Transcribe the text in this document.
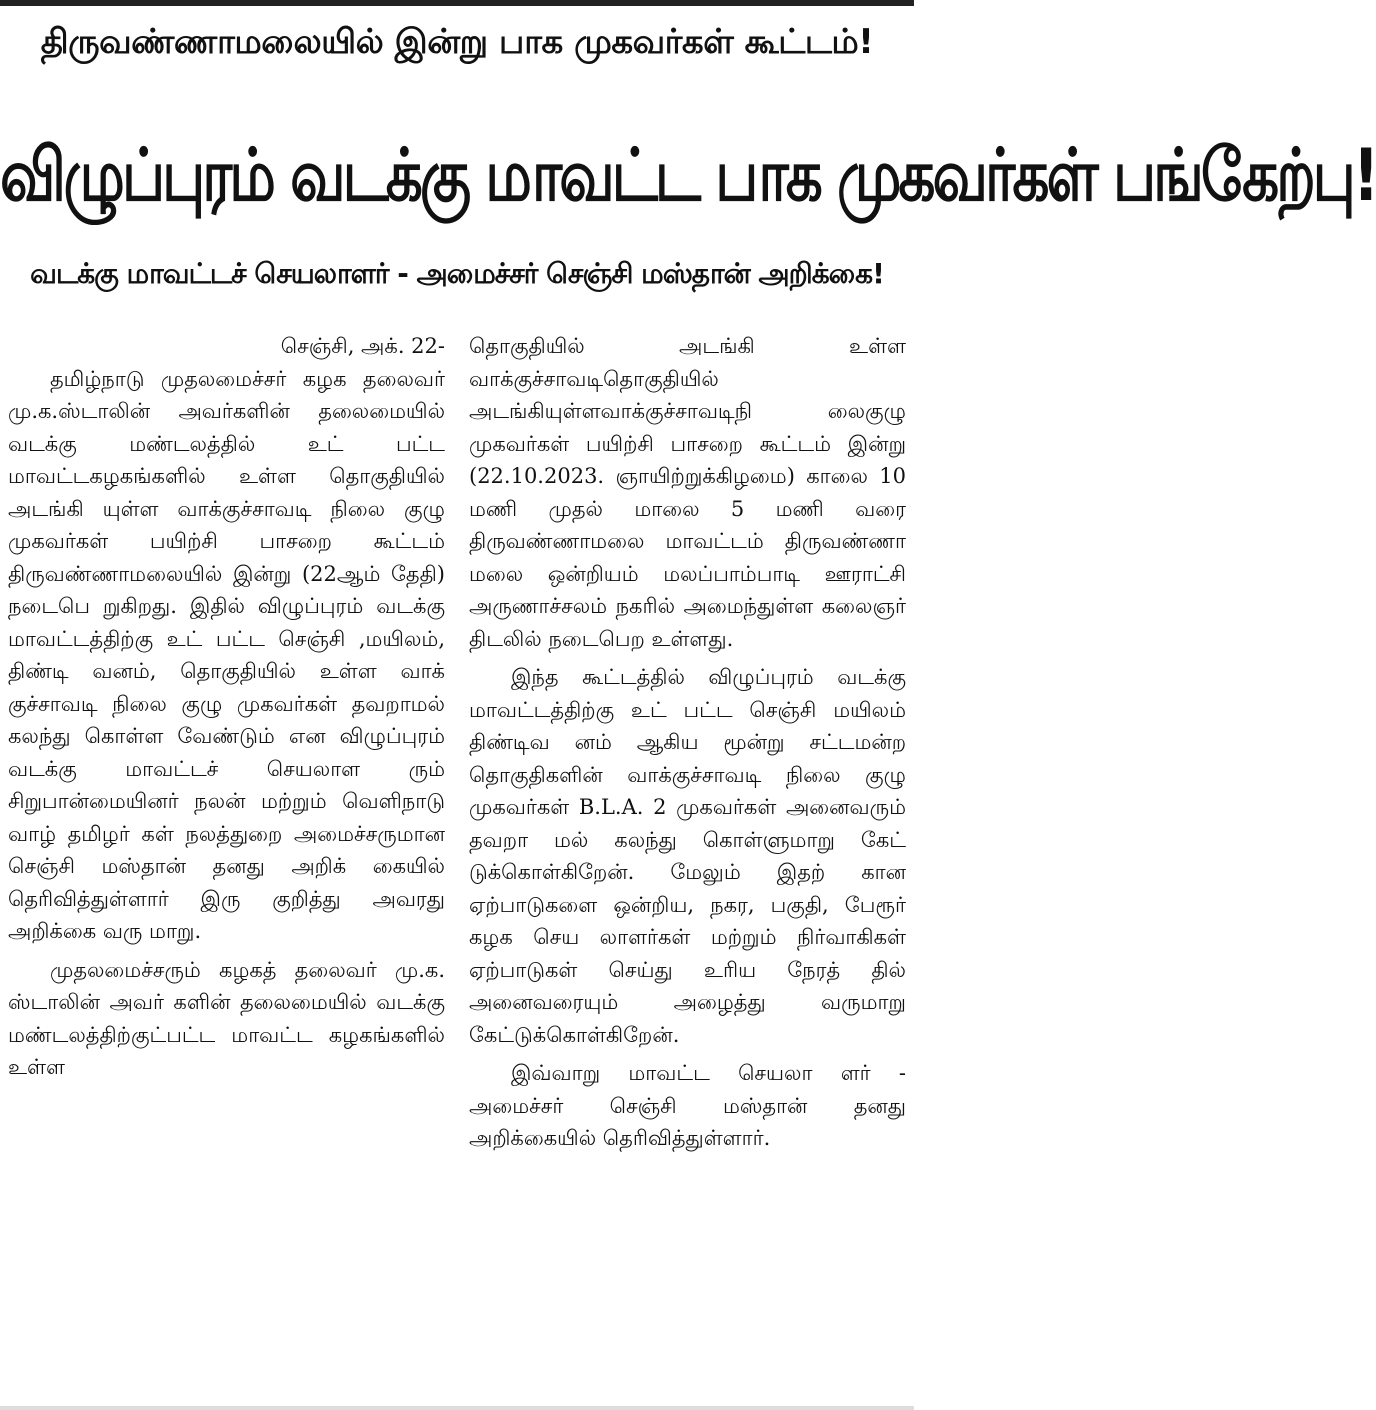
திருவண்ணாமலையில் இன்று பாக முகவர்கள் கூட்டம்!
விழுப்புரம் வடக்கு மாவட்ட பாக முகவர்கள் பங்கேற்பு!
வடக்கு மாவட்டச் செயலாளர் - அமைச்சர் செஞ்சி மஸ்தான் அறிக்கை!

செஞ்சி, அக். 22-

தமிழ்நாடு முதலமைச்சர் கழக தலைவர் மு.க.ஸ்டாலின் அவர்களின் தலைமையில் வடக்கு மண்டலத்தில் உட் பட்ட மாவட்டகழகங்களில் உள்ள தொகுதியில் அடங்கி யுள்ள வாக்குச்சாவடி நிலை குழு முகவர்கள் பயிற்சி பாசறை கூட்டம் திருவண்ணாமலையில் இன்று (22ஆம் தேதி) நடைபெ றுகிறது. இதில் விழுப்புரம் வடக்கு மாவட்டத்திற்கு உட் பட்ட செஞ்சி ,மயிலம், திண்டி வனம், தொகுதியில் உள்ள வாக் குச்சாவடி நிலை குழு முகவர்கள் தவறாமல் கலந்து கொள்ள வேண்டும் என விழுப்புரம் வடக்கு மாவட்டச் செயலாள ரும் சிறுபான்மையினர் நலன் மற்றும் வெளிநாடு வாழ் தமிழர் கள் நலத்துறை அமைச்சருமான செஞ்சி மஸ்தான் தனது அறிக் கையில் தெரிவித்துள்ளார் இரு குறித்து அவரது அறிக்கை வரு மாறு.

முதலமைச்சரும் கழகத் தலைவர் மு.க. ஸ்டாலின் அவர் களின் தலைமையில் வடக்கு மண்டலத்திற்குட்பட்ட மாவட்ட கழகங்களில் உள்ள

தொகுதியில் அடங்கி உள்ள வாக்குச்சாவடிதொகுதியில் அடங்கியுள்ளவாக்குச்சாவடிநி லைகுழு முகவர்கள் பயிற்சி பாசறை கூட்டம் இன்று (22.10.2023. ஞாயிற்றுக்கிழமை) காலை 10 மணி முதல் மாலை 5 மணி வரை திருவண்ணாமலை மாவட்டம் திருவண்ணா மலை ஒன்றியம் மலப்பாம்பாடி ஊராட்சி அருணாச்சலம் நகரில் அமைந்துள்ள கலைஞர் திடலில் நடைபெற உள்ளது.

இந்த கூட்டத்தில் விழுப்புரம் வடக்கு மாவட்டத்திற்கு உட் பட்ட செஞ்சி மயிலம் திண்டிவ னம் ஆகிய மூன்று சட்டமன்ற தொகுதிகளின் வாக்குச்சாவடி நிலை குழு முகவர்கள் B.L.A. 2 முகவர்கள் அனைவரும் தவறா மல் கலந்து கொள்ளுமாறு கேட் டுக்கொள்கிறேன். மேலும் இதற் கான ஏற்பாடுகளை ஒன்றிய, நகர, பகுதி, பேரூர் கழக செய லாளர்கள் மற்றும் நிர்வாகிகள் ஏற்பாடுகள் செய்து உரிய நேரத் தில் அனைவரையும் அழைத்து வருமாறு கேட்டுக்கொள்கிறேன்.

இவ்வாறு மாவட்ட செயலா ளர் - அமைச்சர் செஞ்சி மஸ்தான் தனது அறிக்கையில் தெரிவித்துள்ளார்.
